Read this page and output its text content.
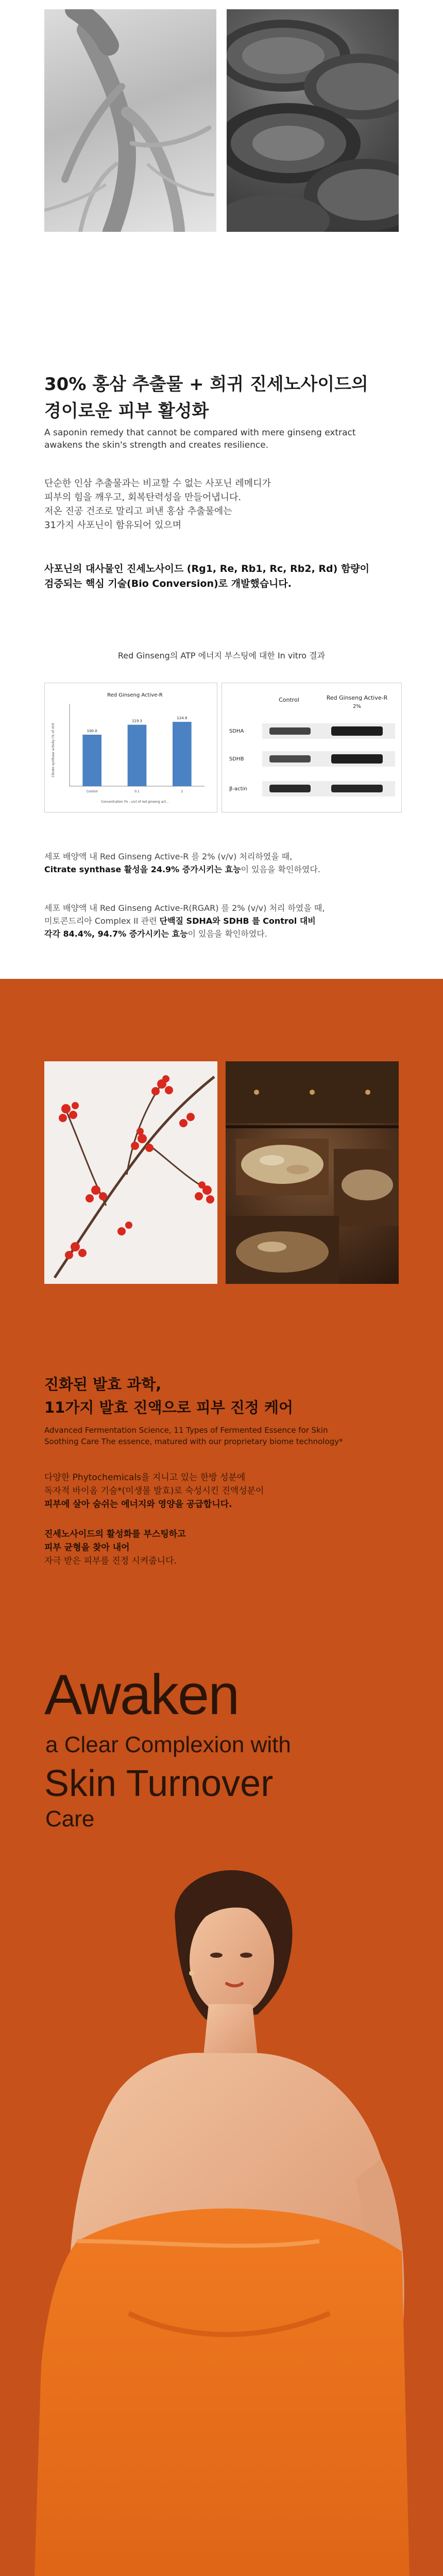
30% 홍삼 추출물 + 희귀 진세노사이드의
경이로운 피부 활성화

A saponin remedy that cannot be compared with mere ginseng extract
awakens the skin's strength and creates resilience.

단순한 인삼 추출물과는 비교할 수 없는 사포닌 레메디가
피부의 힘을 깨우고, 회복탄력성을 만들어냅니다.
저온 진공 건조로 말리고 퍼낸 홍삼 추출물에는
31가지 사포닌이 함유되어 있으며

사포닌의 대사물인 진세노사이드 (Rg1, Re, Rb1, Rc, Rb2, Rd) 함량이
검증되는 핵심 기술(Bio Conversion)로 개발했습니다.

Red Ginseng의 ATP 에너지 부스팅에 대한 In vitro 결과
Red Ginseng Active-R
Citrate synthase activity (% of ctrl)
Concentration (% , v/v) of red ginseng act...
100.0
Control
119.3
0.1
124.9
2
Control	Red Ginseng Active-R
2%
SDHA
SDHB
β-actin

세포 배양액 내 Red Ginseng Active-R 를 2% (v/v) 처리하였을 때,
Citrate synthase 활성을 24.9% 증가시키는 효능이 있음을 확인하였다.

세포 배양액 내 Red Ginseng Active-R(RGAR) 를 2% (v/v) 처리 하였을 때,
미토콘드리아 Complex II 관련 단백질 SDHA와 SDHB 를 Control 대비
각각 84.4%, 94.7% 증가시키는 효능이 있음을 확인하였다.

진화된 발효 과학,
11가지 발효 진액으로 피부 진정 케어

Advanced Fermentation Science, 11 Types of Fermented Essence for Skin
Soothing Care The essence, matured with our proprietary biome technology*

다양한 Phytochemicals을 지니고 있는 한방 성분에
독자적 바이옴 기술*(미생물 발효)로 숙성시킨 진액성분이
피부에 살아 숨쉬는 에너지와 영양을 공급합니다.

진세노사이드의 활성화를 부스팅하고
피부 균형을 찾아 내어
자극 받은 피부를 진정 시켜줍니다.

Awaken
a Clear Complexion with
Skin Turnover
Care
